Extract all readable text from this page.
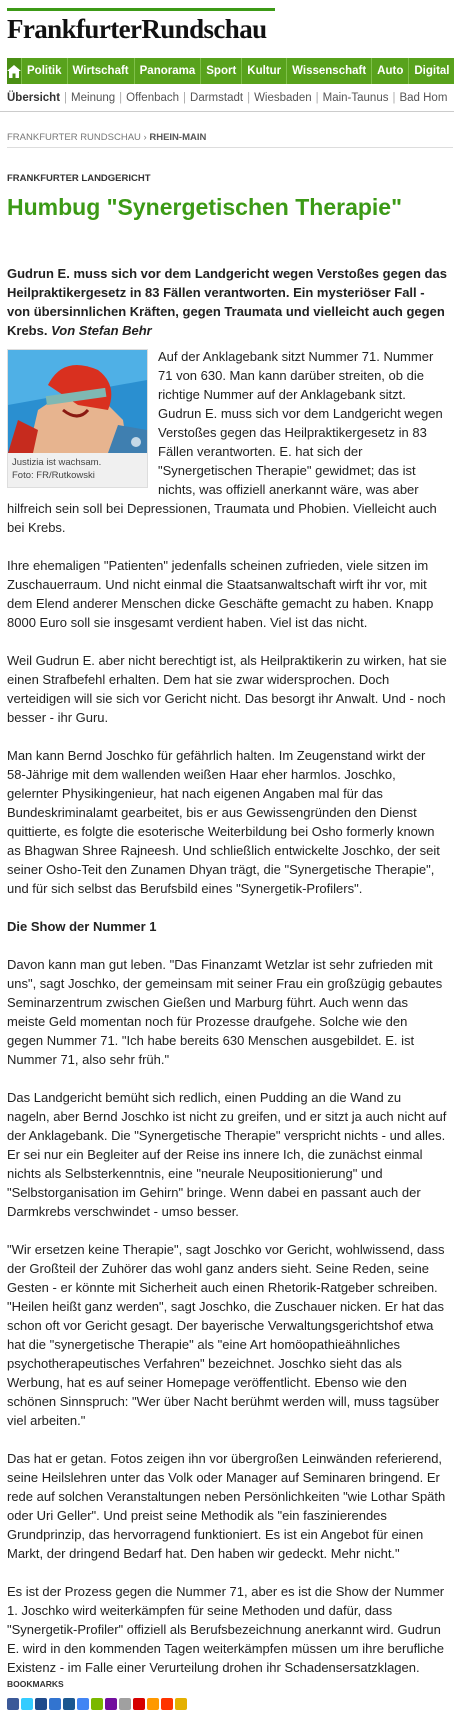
FrankfurterRundschau
Politik Wirtschaft Panorama Sport Kultur Wissenschaft Auto Digital
Übersicht | Meinung | Offenbach | Darmstadt | Wiesbaden | Main-Taunus | Bad Hom
FRANKFURTER RUNDSCHAU › RHEIN-MAIN
FRANKFURTER LANDGERICHT
Humbug "Synergetischen Therapie"

Gudrun E. muss sich vor dem Landgericht wegen Verstoßes gegen das Heilpraktikergesetz in 83 Fällen verantworten. Ein mysteriöser Fall - von übersinnlichen Kräften, gegen Traumata und vielleicht auch gegen Krebs. Von Stefan Behr

Justizia ist wachsam.
Foto: FR/Rutkowski

Auf der Anklagebank sitzt Nummer 71. Nummer 71 von 630. Man kann darüber streiten, ob die richtige Nummer auf der Anklagebank sitzt. Gudrun E. muss sich vor dem Landgericht wegen Verstoßes gegen das Heilpraktikergesetz in 83 Fällen verantworten. E. hat sich der "Synergetischen Therapie" gewidmet; das ist nichts, was offiziell anerkannt wäre, was aber hilfreich sein soll bei Depressionen, Traumata und Phobien. Vielleicht auch bei Krebs.

Ihre ehemaligen "Patienten" jedenfalls scheinen zufrieden, viele sitzen im Zuschauerraum. Und nicht einmal die Staatsanwaltschaft wirft ihr vor, mit dem Elend anderer Menschen dicke Geschäfte gemacht zu haben. Knapp 8000 Euro soll sie insgesamt verdient haben. Viel ist das nicht.

Weil Gudrun E. aber nicht berechtigt ist, als Heilpraktikerin zu wirken, hat sie einen Strafbefehl erhalten. Dem hat sie zwar widersprochen. Doch verteidigen will sie sich vor Gericht nicht. Das besorgt ihr Anwalt. Und - noch besser - ihr Guru.

Man kann Bernd Joschko für gefährlich halten. Im Zeugenstand wirkt der 58-Jährige mit dem wallenden weißen Haar eher harmlos. Joschko, gelernter Physikingenieur, hat nach eigenen Angaben mal für das Bundeskriminalamt gearbeitet, bis er aus Gewissengründen den Dienst quittierte, es folgte die esoterische Weiterbildung bei Osho formerly known as Bhagwan Shree Rajneesh. Und schließlich entwickelte Joschko, der seit seiner Osho-Teit den Zunamen Dhyan trägt, die "Synergetische Therapie", und für sich selbst das Berufsbild eines "Synergetik-Profilers".

Die Show der Nummer 1

Davon kann man gut leben. "Das Finanzamt Wetzlar ist sehr zufrieden mit uns", sagt Joschko, der gemeinsam mit seiner Frau ein großzügig gebautes Seminarzentrum zwischen Gießen und Marburg führt. Auch wenn das meiste Geld momentan noch für Prozesse draufgehe. Solche wie den gegen Nummer 71. "Ich habe bereits 630 Menschen ausgebildet. E. ist Nummer 71, also sehr früh."

Das Landgericht bemüht sich redlich, einen Pudding an die Wand zu nageln, aber Bernd Joschko ist nicht zu greifen, und er sitzt ja auch nicht auf der Anklagebank. Die "Synergetische Therapie" verspricht nichts - und alles. Er sei nur ein Begleiter auf der Reise ins innere Ich, die zunächst einmal nichts als Selbsterkenntnis, eine "neurale Neupositionierung" und "Selbstorganisation im Gehirn" bringe. Wenn dabei en passant auch der Darmkrebs verschwindet - umso besser.

"Wir ersetzen keine Therapie", sagt Joschko vor Gericht, wohlwissend, dass der Großteil der Zuhörer das wohl ganz anders sieht. Seine Reden, seine Gesten - er könnte mit Sicherheit auch einen Rhetorik-Ratgeber schreiben. "Heilen heißt ganz werden", sagt Joschko, die Zuschauer nicken. Er hat das schon oft vor Gericht gesagt. Der bayerische Verwaltungsgerichtshof etwa hat die "synergetische Therapie" als "eine Art homöopathieähnliches psychotherapeutisches Verfahren" bezeichnet. Joschko sieht das als Werbung, hat es auf seiner Homepage veröffentlicht. Ebenso wie den schönen Sinnspruch: "Wer über Nacht berühmt werden will, muss tagsüber viel arbeiten."

Das hat er getan. Fotos zeigen ihn vor übergroßen Leinwänden referierend, seine Heilslehren unter das Volk oder Manager auf Seminaren bringend. Er rede auf solchen Veranstaltungen neben Persönlichkeiten "wie Lothar Späth oder Uri Geller". Und preist seine Methodik als "ein faszinierendes Grundprinzip, das hervorragend funktioniert. Es ist ein Angebot für einen Markt, der dringend Bedarf hat. Den haben wir gedeckt. Mehr nicht."

Es ist der Prozess gegen die Nummer 71, aber es ist die Show der Nummer 1. Joschko wird weiterkämpfen für seine Methoden und dafür, dass "Synergetik-Profiler" offiziell als Berufsbezeichnung anerkannt wird. Gudrun E. wird in den kommenden Tagen weiterkämpfen müssen um ihre berufliche Existenz - im Falle einer Verurteilung drohen ihr Schadensersatzklagen.

BOOKMARKS
